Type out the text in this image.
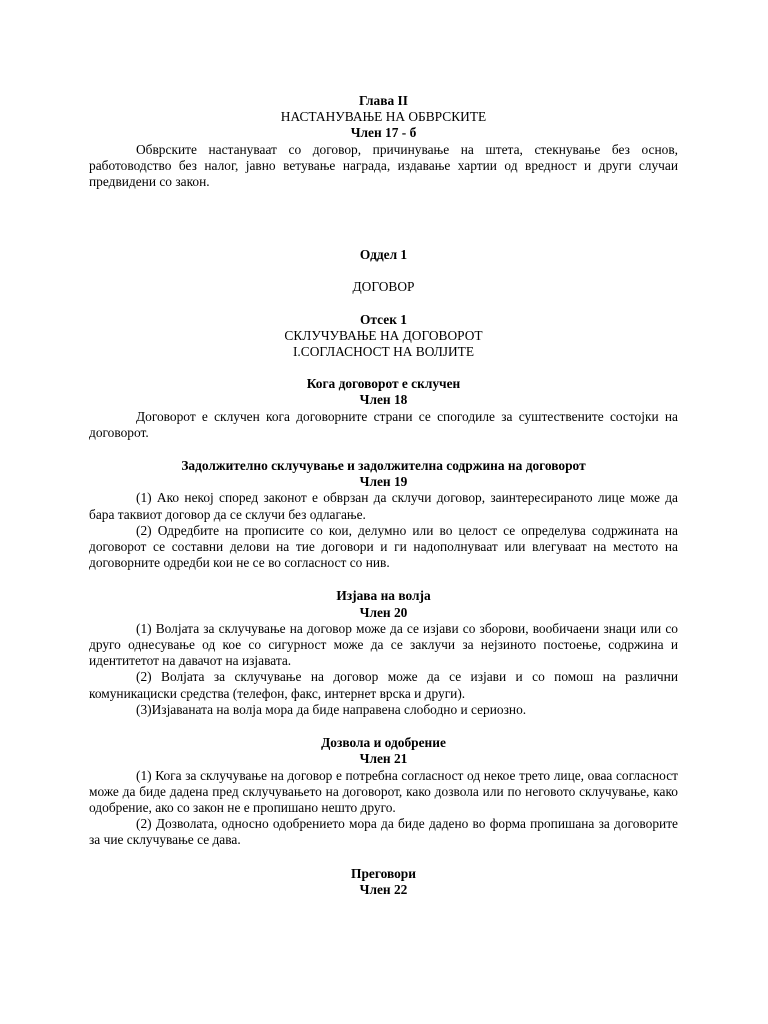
Глава II
НАСТАНУВАЊЕ НА ОБВРСКИТЕ
Член 17 - б

Обврските настануваат со договор, причинување на штета, стекнување без основ, работоводство без налог, јавно ветување награда, издавање хартии од вредност и други случаи предвидени со закон.

Оддел 1
ДОГОВОР
Отсек 1
СКЛУЧУВАЊЕ НА ДОГОВОРОТ
I.СОГЛАСНОСТ НА ВОЛЈИТЕ
Кога договорот е склучен
Член 18

Договорот е склучен кога договорните страни се спогодиле за суштествените состојки на договорот.

Задолжително склучување и задолжителна содржина на договорот
Член 19

(1) Ако некој според законот е обврзан да склучи договор, заинтересираното лице може да бара таквиот договор да се склучи без одлагање.

(2) Одредбите на прописите со кои, делумно или во целост се определува содржината на договорот се составни делови на тие договори и ги надополнуваат или влегуваат на местото на договорните одредби кои не се во согласност со нив.

Изјава на волја
Член 20

(1) Волјата за склучување на договор може да се изјави со зборови, вообичаени знаци или со друго однесување од кое со сигурност може да се заклучи за нејзиното постоење, содржина и идентитетот на давачот на изјавата.

(2) Волјата за склучување на договор може да се изјави и со помош на различни комуникациски средства (телефон, факс, интернет врска и други).

(3)Изјаваната на волја мора да биде направена слободно и сериозно.

Дозвола и одобрение
Член 21

(1) Кога за склучување на договор е потребна согласност од некое трето лице, оваа согласност може да биде дадена пред склучувањето на договорот, како дозвола или по неговото склучување, како одобрение, ако со закон не е пропишано нешто друго.

(2) Дозволата, односно одобрението мора да биде дадено во форма пропишана за договорите за чие склучување се дава.

Преговори
Член 22
